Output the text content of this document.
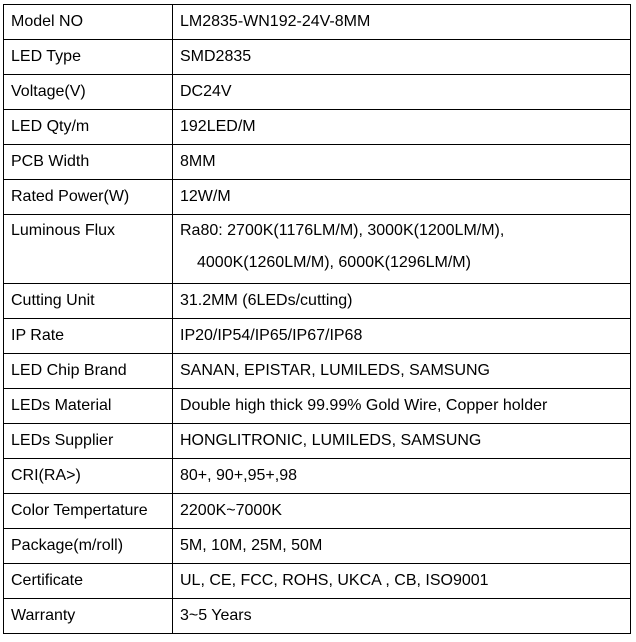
Model NO	LM2835-WN192-24V-8MM
LED Type	SMD2835
Voltage(V)	DC24V
LED Qty/m	192LED/M
PCB Width	8MM
Rated Power(W)	12W/M
Luminous Flux	Ra80: 2700K(1176LM/M), 3000K(1200LM/M),
4000K(1260LM/M), 6000K(1296LM/M)

Cutting Unit	31.2MM (6LEDs/cutting)
IP Rate	IP20/IP54/IP65/IP67/IP68
LED Chip Brand	SANAN, EPISTAR, LUMILEDS, SAMSUNG
LEDs Material	Double high thick 99.99% Gold Wire, Copper holder
LEDs Supplier	HONGLITRONIC, LUMILEDS, SAMSUNG
CRI(RA>)	80+, 90+,95+,98
Color Tempertature	2200K~7000K
Package(m/roll)	5M, 10M, 25M, 50M
Certificate	UL, CE, FCC, ROHS, UKCA , CB, ISO9001
Warranty	3~5 Years
